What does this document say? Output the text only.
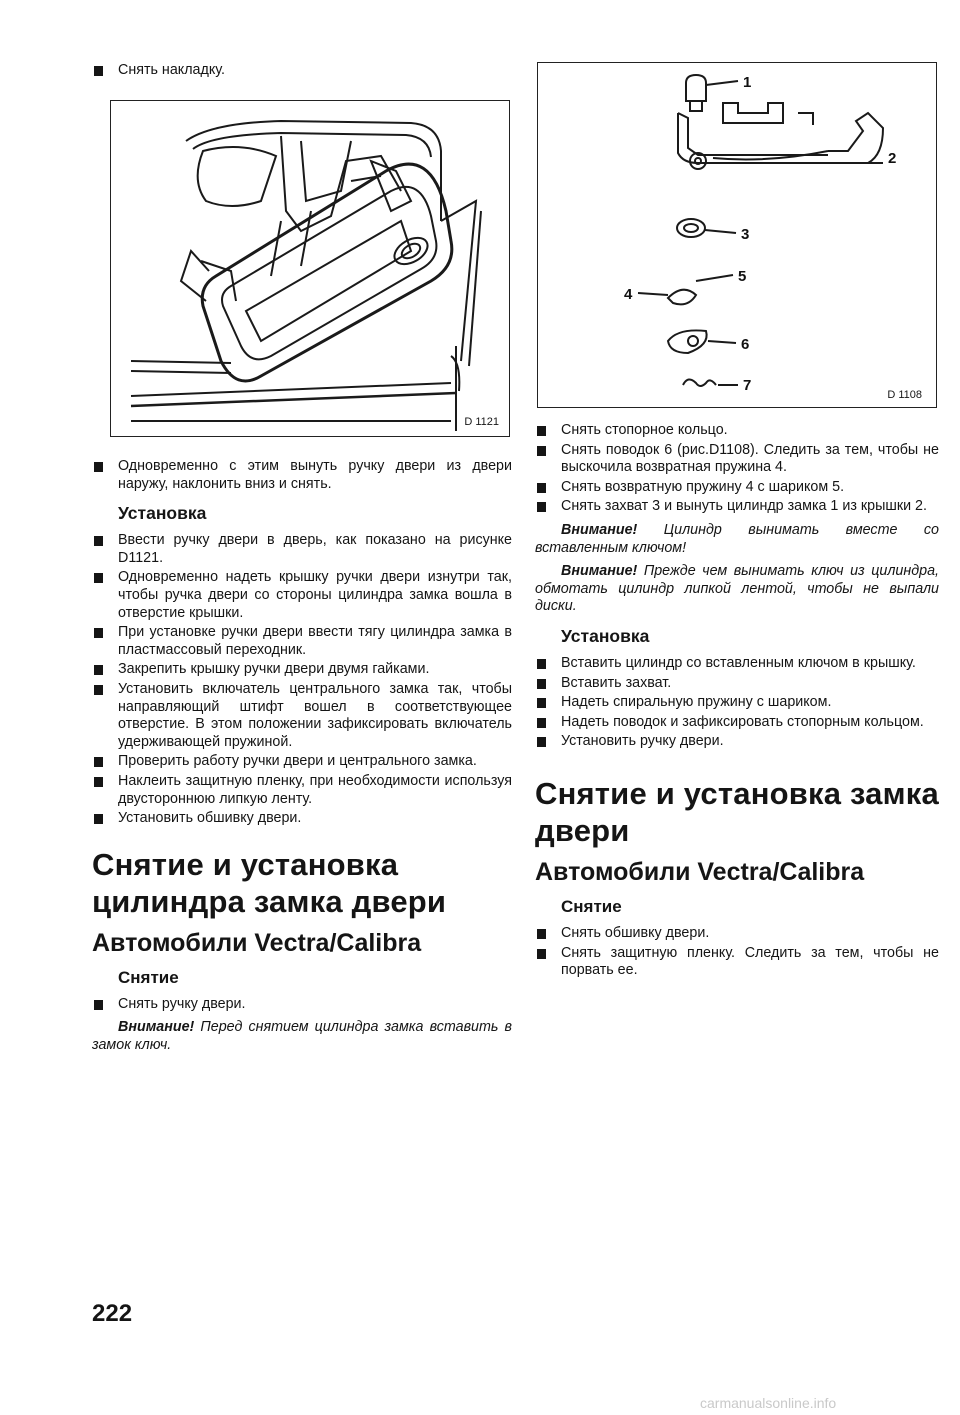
Снять накладку.
D 1121
Одновременно с этим вынуть ручку двери из двери наружу, наклонить вниз и снять.
Установка
Ввести ручку двери в дверь, как показано на рисунке D1121.
Одновременно надеть крышку ручки двери изнутри так, чтобы ручка двери со стороны цилиндра замка вошла в отверстие крышки.
При установке ручки двери ввести тягу цилиндра замка в пластмассовый переходник.
Закрепить крышку ручки двери двумя гайками.
Установить включатель центрального замка так, чтобы направляющий штифт вошел в соответствующее отверстие. В этом положении зафиксировать включатель удерживающей пружиной.
Проверить работу ручки двери и центрального замка.
Наклеить защитную пленку, при необходимости используя двустороннюю липкую ленту.
Установить обшивку двери.
Снятие и установка цилиндра замка двери
Автомобили Vectra/Calibra
Снятие
Снять ручку двери.
Внимание! Перед снятием цилиндра замка вставить в замок ключ.
1
2
3
4
5
6
7
D 1108
Снять стопорное кольцо.
Снять поводок 6 (рис.D1108). Следить за тем, чтобы не выскочила возвратная пружина 4.
Снять возвратную пружину 4 с шариком 5.
Снять захват 3 и вынуть цилиндр замка 1 из крышки 2.
Внимание! Цилиндр вынимать вместе со вставленным ключом!
Внимание! Прежде чем вынимать ключ из цилиндра, обмотать цилиндр липкой лентой, чтобы не выпали диски.
Установка
Вставить цилиндр со вставленным ключом в крышку.
Вставить захват.
Надеть спиральную пружину с шариком.
Надеть поводок и зафиксировать стопорным кольцом.
Установить ручку двери.
Снятие и установка замка двери
Автомобили Vectra/Calibra
Снятие
Снять обшивку двери.
Снять защитную пленку. Следить за тем, чтобы не порвать ее.
222
carmanualsonline.info
